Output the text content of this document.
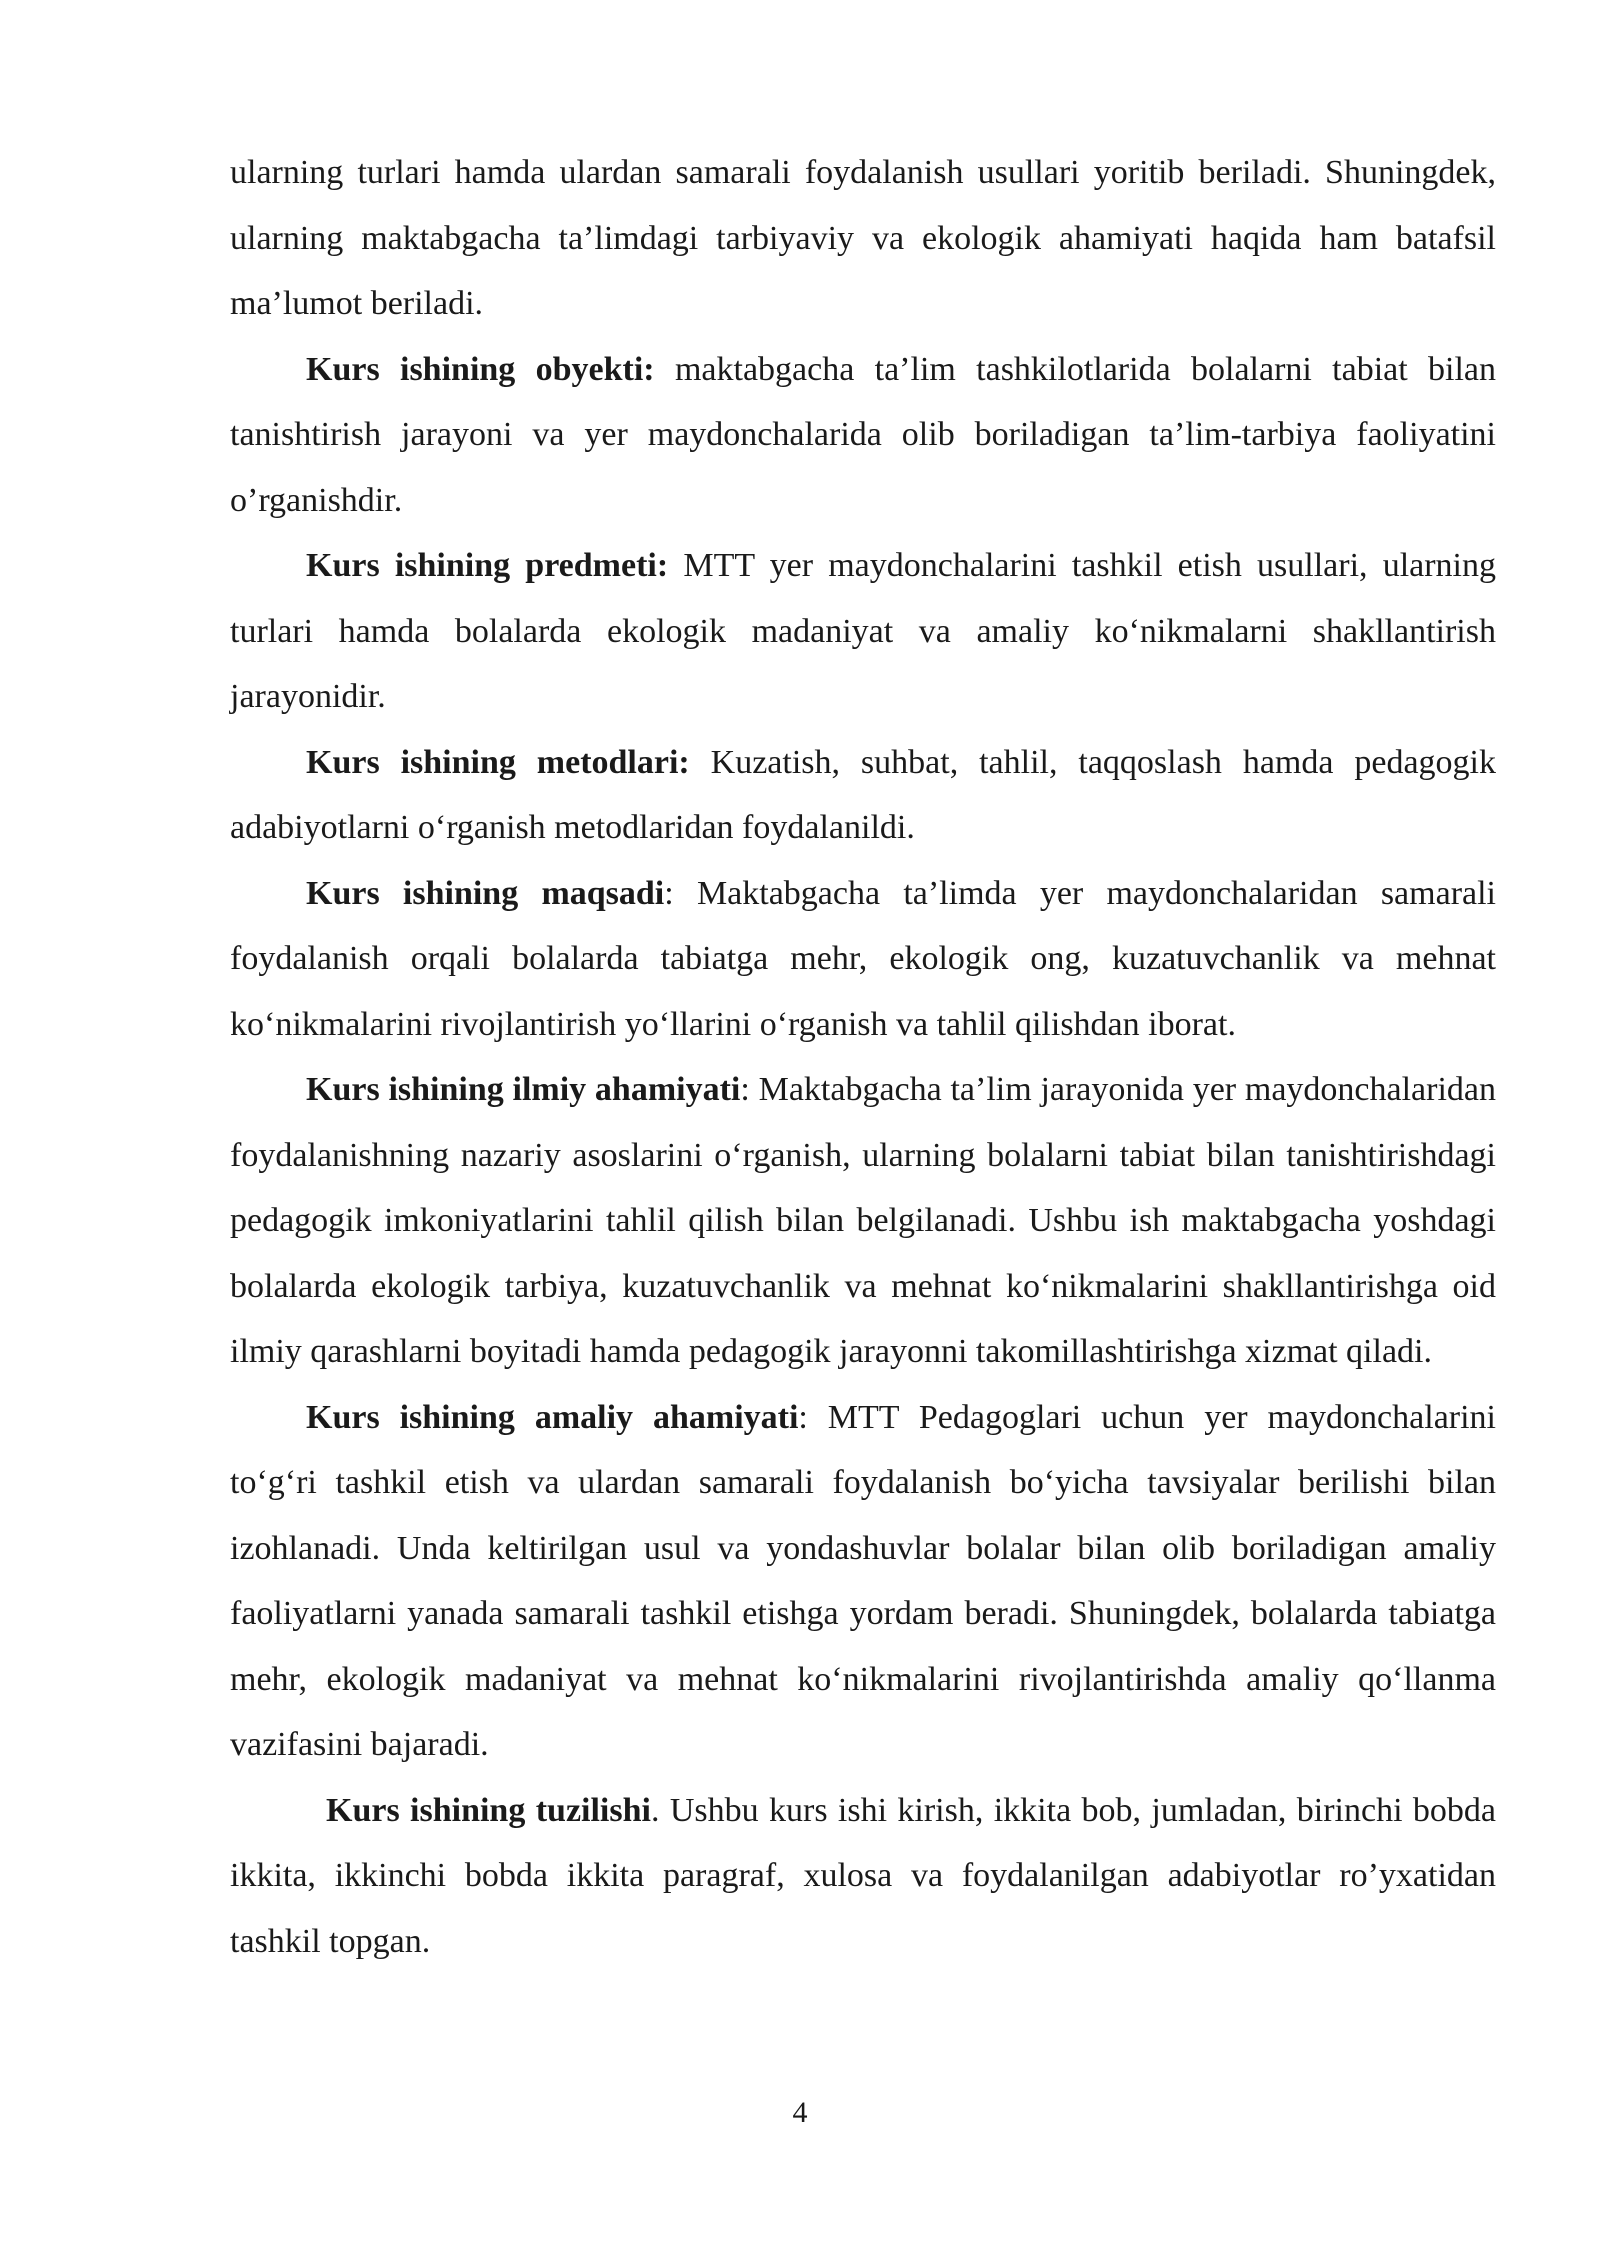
ularning turlari hamda ulardan samarali foydalanish usullari yoritib beriladi. Shuningdek, ularning maktabgacha ta’limdagi tarbiyaviy va ekologik ahamiyati haqida ham batafsil ma’lumot beriladi.

Kurs ishining obyekti: maktabgacha ta’lim tashkilotlarida bolalarni tabiat bilan tanishtirish jarayoni va yer maydonchalarida olib boriladigan ta’lim-tarbiya faoliyatini o’rganishdir.

Kurs ishining predmeti: MTT yer maydonchalarini tashkil etish usullari, ularning turlari hamda bolalarda ekologik madaniyat va amaliy koʻnikmalarni shakllantirish jarayonidir.

Kurs ishining metodlari: Kuzatish, suhbat, tahlil, taqqoslash hamda pedagogik adabiyotlarni oʻrganish metodlaridan foydalanildi.

Kurs ishining maqsadi: Maktabgacha ta’limda yer maydonchalaridan samarali foydalanish orqali bolalarda tabiatga mehr, ekologik ong, kuzatuvchanlik va mehnat koʻnikmalarini rivojlantirish yoʻllarini oʻrganish va tahlil qilishdan iborat.

Kurs ishining ilmiy ahamiyati: Maktabgacha ta’lim jarayonida yer maydonchalaridan foydalanishning nazariy asoslarini oʻrganish, ularning bolalarni tabiat bilan tanishtirishdagi pedagogik imkoniyatlarini tahlil qilish bilan belgilanadi. Ushbu ish maktabgacha yoshdagi bolalarda ekologik tarbiya, kuzatuvchanlik va mehnat koʻnikmalarini shakllantirishga oid ilmiy qarashlarni boyitadi hamda pedagogik jarayonni takomillashtirishga xizmat qiladi.

Kurs ishining amaliy ahamiyati: MTT Pedagoglari uchun yer maydonchalarini toʻgʻri tashkil etish va ulardan samarali foydalanish boʻyicha tavsiyalar berilishi bilan izohlanadi. Unda keltirilgan usul va yondashuvlar bolalar bilan olib boriladigan amaliy faoliyatlarni yanada samarali tashkil etishga yordam beradi. Shuningdek, bolalarda tabiatga mehr, ekologik madaniyat va mehnat koʻnikmalarini rivojlantirishda amaliy qoʻllanma vazifasini bajaradi.

Kurs ishining tuzilishi. Ushbu kurs ishi kirish, ikkita bob, jumladan, birinchi bobda ikkita, ikkinchi bobda ikkita paragraf, xulosa va foydalanilgan adabiyotlar ro’yxatidan tashkil topgan.

4
